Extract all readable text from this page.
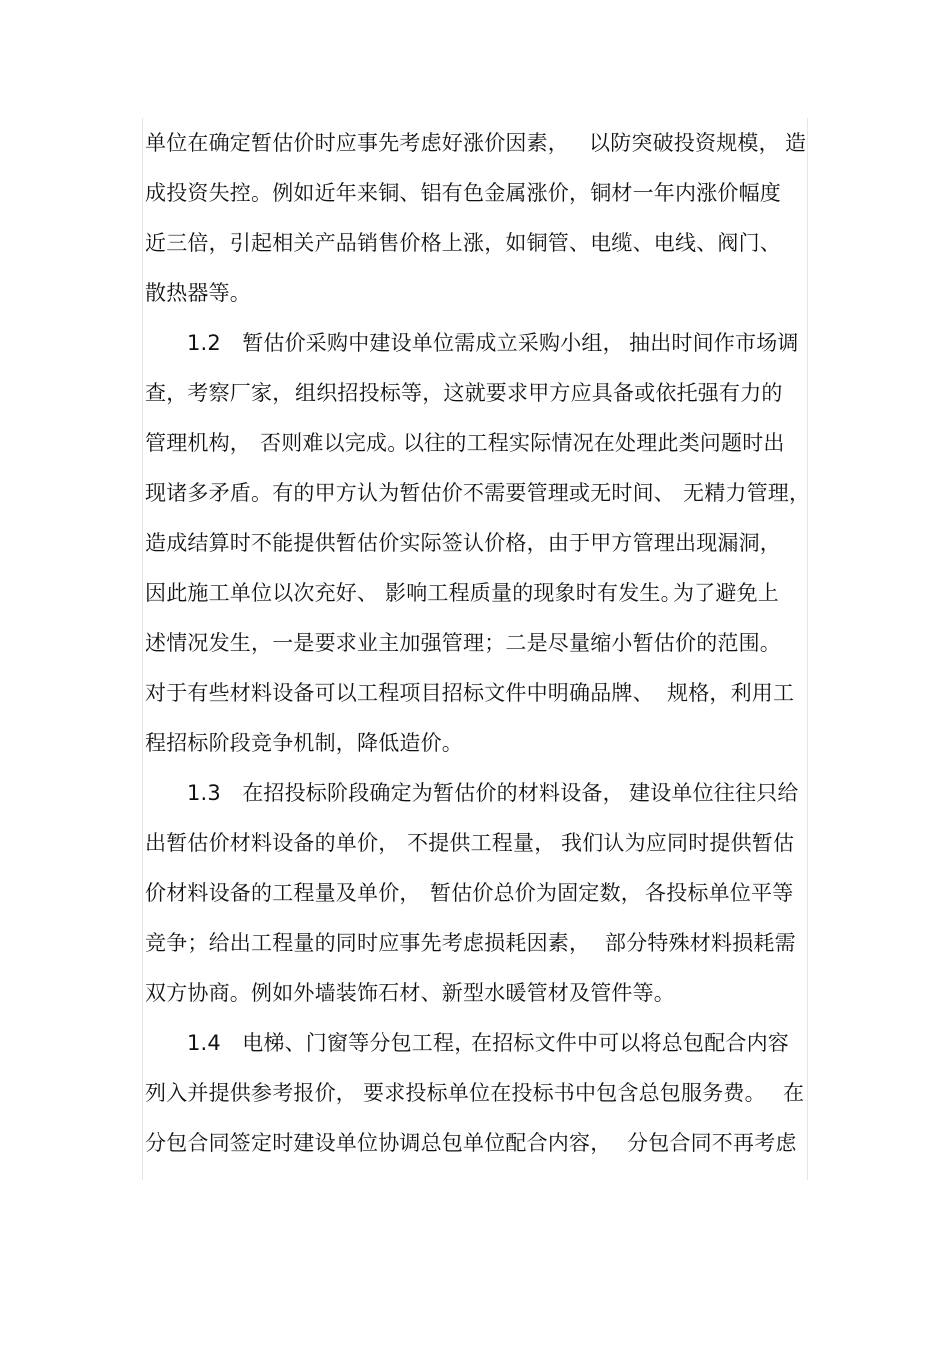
单位在确定暂估价时应事先考虑好涨价因素， 以防突破投资规模， 造
成投资失控。例如近年来铜、铝有色金属涨价，铜材一年内涨价幅度
近三倍，引起相关产品销售价格上涨，如铜管、电缆、电线、阀门、
散热器等。
1.2　暂估价采购中建设单位需成立采购小组， 抽出时间作市场调
查，考察厂家， 组织招投标等，这就要求甲方应具备或依托强有力的
管理机构， 否则难以完成。
以往的工程实际情况在处理此类问题时出
现诸多矛盾。有的甲方认为暂估价不需要管理或无时间、 无精力管理，
造成结算时不能提供暂估价实际签认价格，由于甲方管理出现漏洞，
因此施工单位以次充好、 影响工程质量的现象时有发生。
为了避免上
述情况发生，一是要求业主加强管理；二是尽量缩小暂估价的范围。
对于有些材料设备可以工程项目招标文件中明确品牌、 规格，利用工
程招标阶段竞争机制，降低造价。
1.3　在招投标阶段确定为暂估价的材料设备， 建设单位往往只给
出暂估价材料设备的单价， 不提供工程量， 我们认为应同时提供暂估
价材料设备的工程量及单价， 暂估价总价为固定数， 各投标单位平等
竞争；给出工程量的同时应事先考虑损耗因素， 部分特殊材料损耗需
双方协商。例如外墙装饰石材、新型水暖管材及管件等。
1.4　电梯、门窗等分包工程，
在招标文件中可以将总包配合内容
列入并提供参考报价， 要求投标单位在投标书中包含总包服务费。 在
分包合同签定时建设单位协调总包单位配合内容， 分包合同不再考虑
